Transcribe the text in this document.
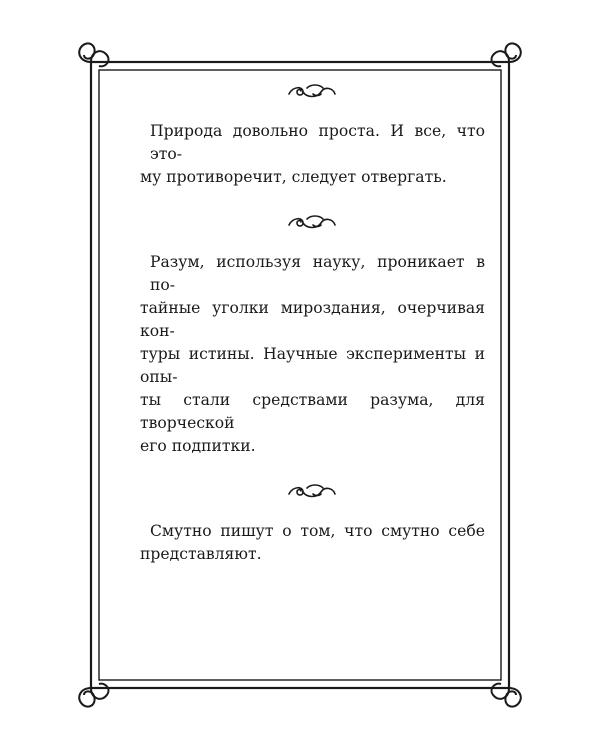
Природа довольно проста. И все, что это-
му противоречит, следует отвергать.

Разум, используя науку, проникает в по-
тайные уголки мироздания, очерчивая кон-
туры истины. Научные эксперименты и опы-
ты стали средствами разума, для творческой
его подпитки.

Смутно пишут о том, что смутно себе
представляют.
